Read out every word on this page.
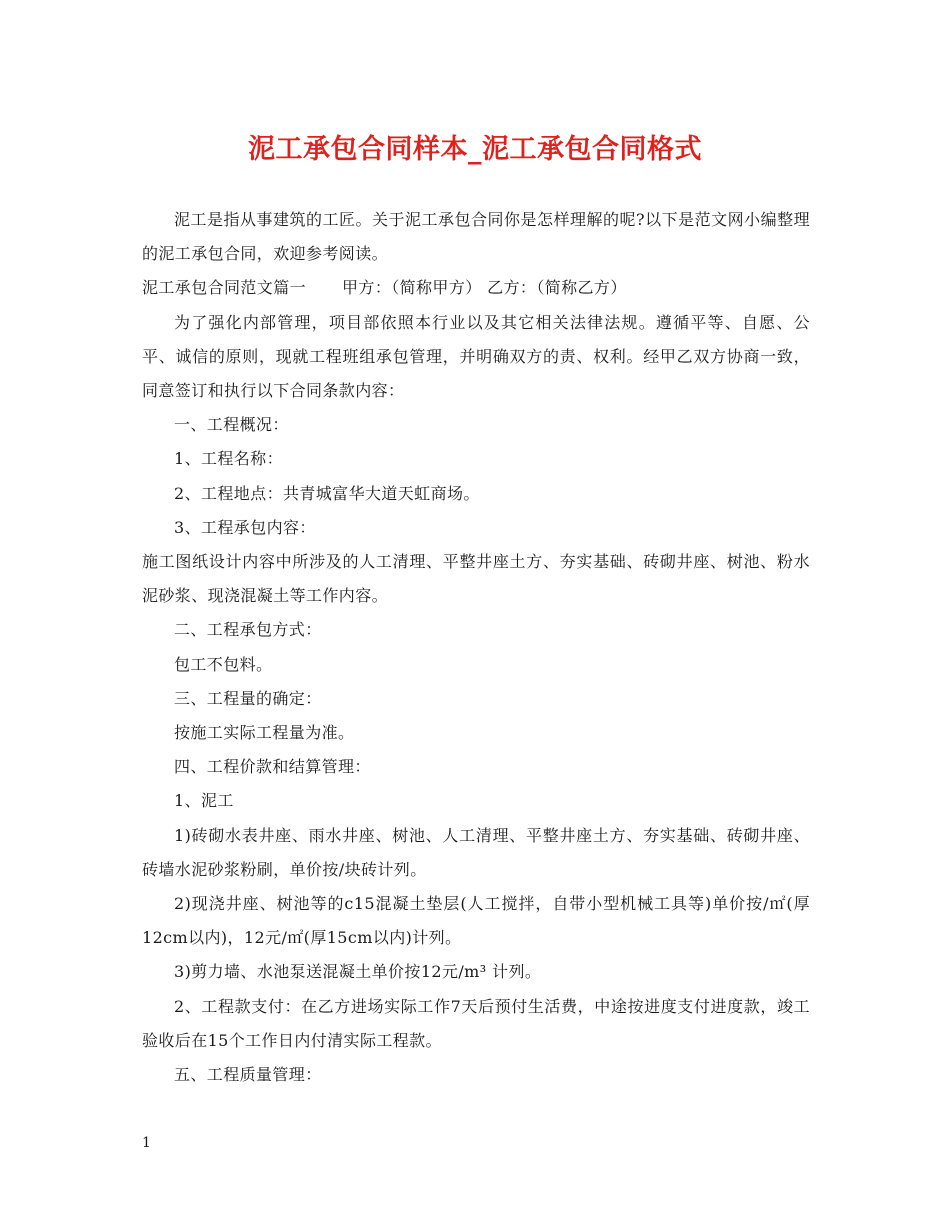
泥工承包合同样本_泥工承包合同格式

泥工是指从事建筑的工匠。关于泥工承包合同你是怎样理解的呢?以下是范文网小编整理的泥工承包合同，欢迎参考阅读。

泥工承包合同范文篇一 甲方：（简称甲方） 乙方：（简称乙方）

为了强化内部管理，项目部依照本行业以及其它相关法律法规。遵循平等、自愿、公平、诚信的原则，现就工程班组承包管理，并明确双方的责、权利。经甲乙双方协商一致，同意签订和执行以下合同条款内容：

一、工程概况：

1、工程名称：

2、工程地点：共青城富华大道天虹商场。

3、工程承包内容：

施工图纸设计内容中所涉及的人工清理、平整井座土方、夯实基础、砖砌井座、树池、粉水泥砂浆、现浇混凝土等工作内容。

二、工程承包方式：

包工不包料。

三、工程量的确定：

按施工实际工程量为准。

四、工程价款和结算管理：

1、泥工

1)砖砌水表井座、雨水井座、树池、人工清理、平整井座土方、夯实基础、砖砌井座、砖墙水泥砂浆粉刷，单价按/块砖计列。

2)现浇井座、树池等的c15混凝土垫层(人工搅拌，自带小型机械工具等)单价按/㎡(厚12cm以内)，12元/㎡(厚15cm以内)计列。

3)剪力墙、水池泵送混凝土单价按12元/m³ 计列。

2、工程款支付：在乙方进场实际工作7天后预付生活费，中途按进度支付进度款，竣工验收后在15个工作日内付清实际工程款。

五、工程质量管理：

1
